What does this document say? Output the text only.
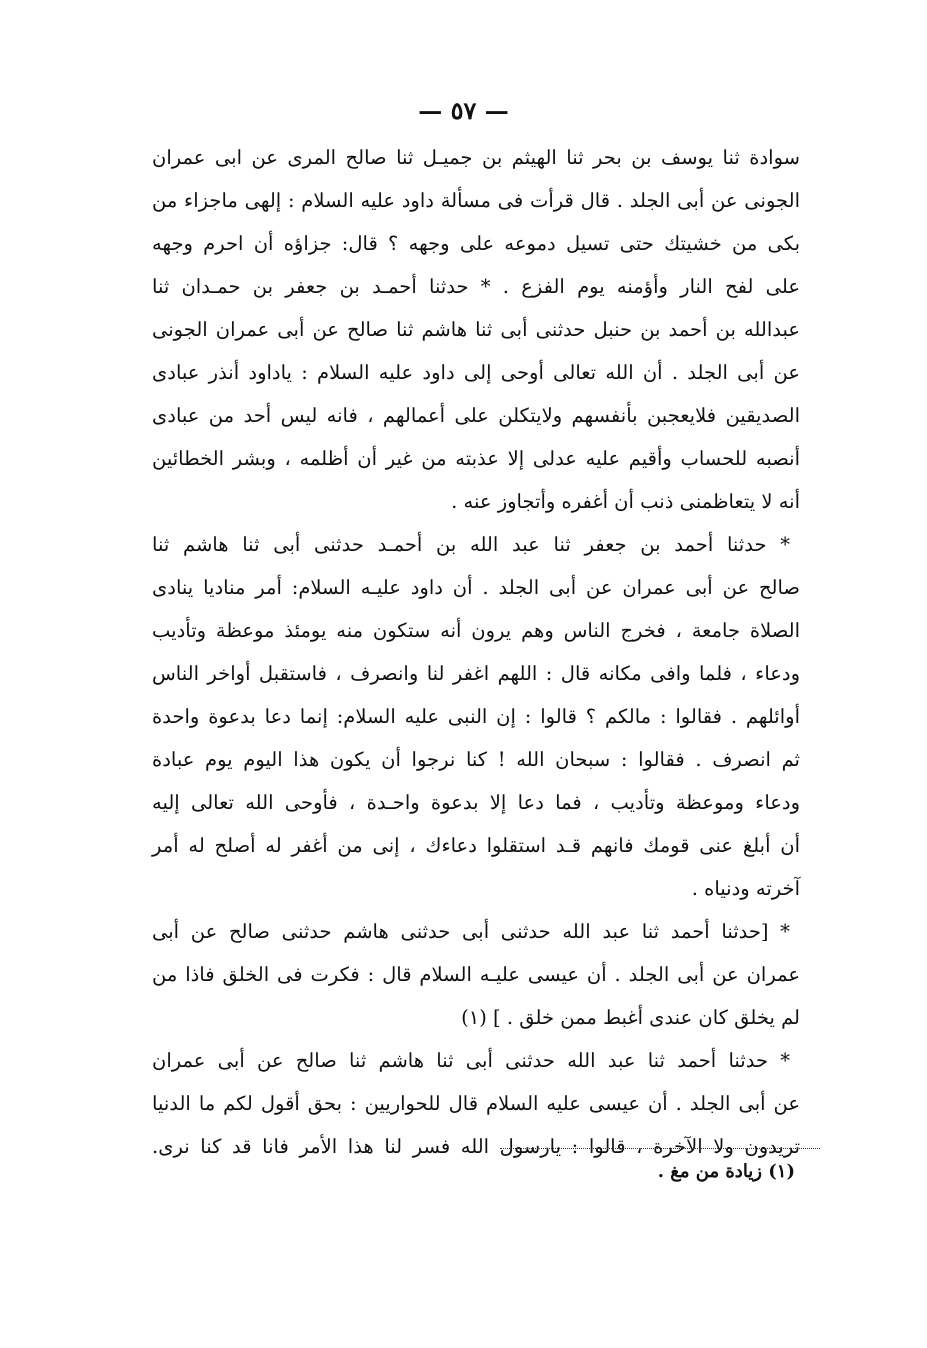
— ٥٧ —
سوادة ثنا يوسف بن بحر ثنا الهيثم بن جميـل ثنا صالح المرى عن ابى عمران
الجونى عن أبى الجلد . قال قرأت فى مسألة داود عليه السلام : إلهى ماجزاء من
بكى من خشيتك حتى تسيل دموعه على وجهه ؟ قال: جزاؤه أن احرم وجهه
على لفح النار وأؤمنه يوم الفزع . * حدثنا أحمـد بن جعفر بن حمـدان ثنا
عبدالله بن أحمد بن حنبل حدثنى أبى ثنا هاشم ثنا صالح عن أبى عمران الجونى
عن أبى الجلد . أن الله تعالى أوحى إلى داود عليه السلام : ياداود أنذر عبادى
الصديقين فلايعجبن بأنفسهم ولايتكلن على أعمالهم ، فانه ليس أحد من عبادى
أنصبه للحساب وأقيم عليه عدلى إلا عذبته من غير أن أظلمه ، وبشر الخطائين
أنه لا يتعاظمنى ذنب أن أغفره وأتجاوز عنه .
* حدثنا أحمد بن جعفر ثنا عبد الله بن أحمـد حدثنى أبى ثنا هاشم ثنا
صالح عن أبى عمران عن أبى الجلد . أن داود عليـه السلام: أمر مناديا ينادى
الصلاة جامعة ، فخرج الناس وهم يرون أنه ستكون منه يومئذ موعظة وتأديب
ودعاء ، فلما وافى مكانه قال : اللهم اغفر لنا وانصرف ، فاستقبل أواخر الناس
أوائلهم . فقالوا : مالكم ؟ قالوا : إن النبى عليه السلام: إنما دعا بدعوة واحدة
ثم انصرف . فقالوا : سبحان الله ! كنا نرجوا أن يكون هذا اليوم يوم عبادة
ودعاء وموعظة وتأديب ، فما دعا إلا بدعوة واحـدة ، فأوحى الله تعالى إليه
أن أبلغ عنى قومك فانهم قـد استقلوا دعاءك ، إنى من أغفر له أصلح له أمر
آخرته ودنياه .
* [حدثنا أحمد ثنا عبد الله حدثنى أبى حدثنى هاشم حدثنى صالح عن أبى
عمران عن أبى الجلد . أن عيسى عليـه السلام قال : فكرت فى الخلق فاذا من
لم يخلق كان عندى أغبط ممن خلق . ] (١)
* حدثنا أحمد ثنا عبد الله حدثنى أبى ثنا هاشم ثنا صالح عن أبى عمران
عن أبى الجلد . أن عيسى عليه السلام قال للحواريين : بحق أقول لكم ما الدنيا
تريدون ولا الآخرة ، قالوا : يارسول الله فسر لنا هذا الأمر فانا قد كنا نرى.
(١) زيادة من مغ .
